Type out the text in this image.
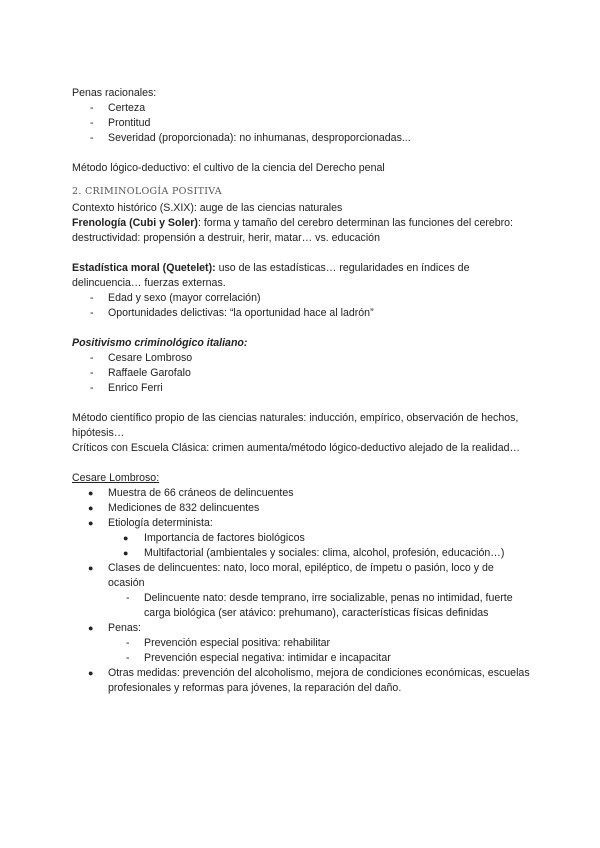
Penas racionales:

- Certeza
- Prontitud
- Severidad (proporcionada): no inhumanas, desproporcionadas...

Método lógico-deductivo: el cultivo de la ciencia del Derecho penal

2. CRIMINOLOGÍA POSITIVA

Contexto histórico (S.XIX): auge de las ciencias naturales

Frenología (Cubi y Soler): forma y tamaño del cerebro determinan las funciones del cerebro: destructividad: propensión a destruir, herir, matar… vs. educación

Estadística moral (Quetelet): uso de las estadísticas… regularidades en índices de delincuencia… fuerzas externas.

- Edad y sexo (mayor correlación)
- Oportunidades delictivas: “la oportunidad hace al ladrón”

Positivismo criminológico italiano:

- Cesare Lombroso
- Raffaele Garofalo
- Enrico Ferri

Método científico propio de las ciencias naturales: inducción, empírico, observación de hechos, hipótesis…

Críticos con Escuela Clásica: crimen aumenta/método lógico-deductivo alejado de la realidad…

Cesare Lombroso:

● Muestra de 66 cráneos de delincuentes
● Mediciones de 832 delincuentes
● Etiología determinista:
● Importancia de factores biológicos
● Multifactorial (ambientales y sociales: clima, alcohol, profesión, educación…)
● Clases de delincuentes: nato, loco moral, epiléptico, de ímpetu o pasión, loco y de ocasión
- Delincuente nato: desde temprano, irre socializable, penas no intimidad, fuerte carga biológica (ser atávico: prehumano), características físicas definidas
● Penas:
- Prevención especial positiva: rehabilitar
- Prevención especial negativa: intimidar e incapacitar
● Otras medidas: prevención del alcoholismo, mejora de condiciones económicas, escuelas profesionales y reformas para jóvenes, la reparación del daño.
